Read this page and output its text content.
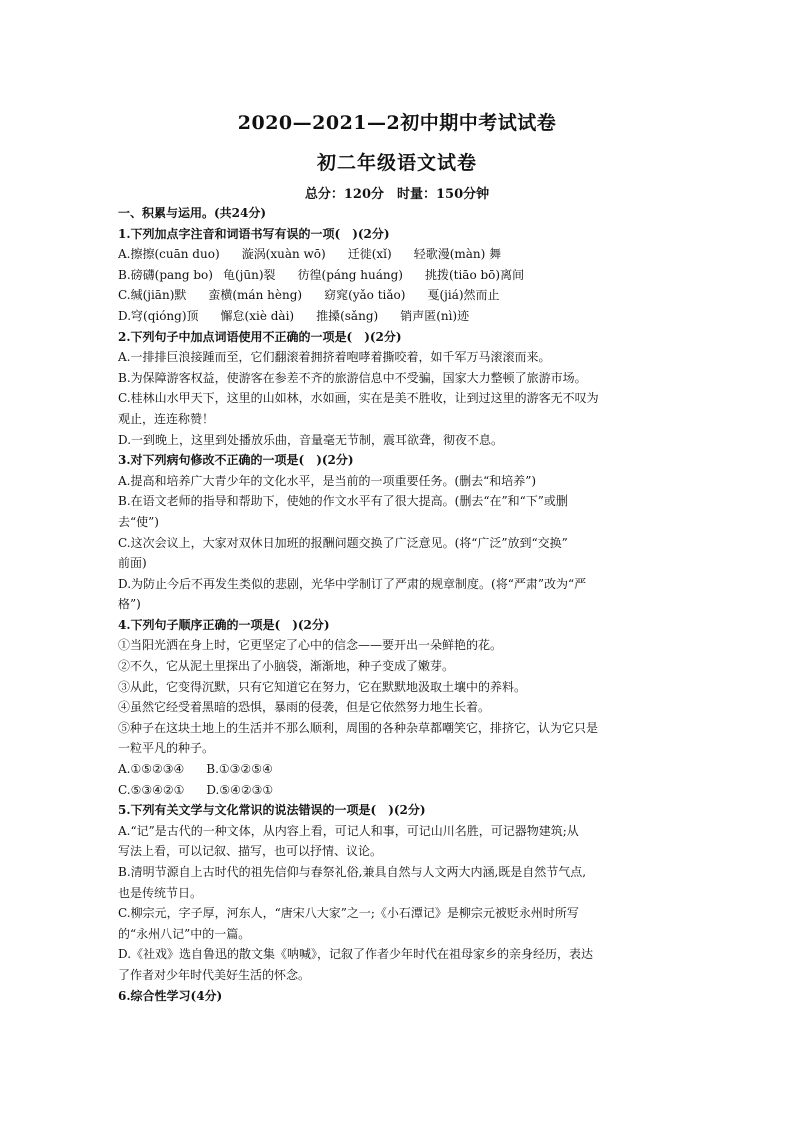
2020—2021—2初中期中考试试卷
初二年级语文试卷
总分：120分　时量：150分钟

一、积累与运用。(共24分)

1.下列加点字注音和词语书写有误的一项(　)(2分)

A.擦擦(cuān duo) 漩涡(xuàn wō) 迁徙(xǐ) 轻歌漫(màn) 舞

B.磅礴(pang bo) 龟(jūn)裂 彷徨(páng huáng) 挑拨(tiāo bō)离间

C.缄(jiān)默 蛮横(mán hèng) 窈窕(yǎo tiǎo) 戛(jiá)然而止

D.穹(qióng)顶 懈怠(xiè dài) 推搡(sǎng) 销声匿(nì)迹

2.下列句子中加点词语使用不正确的一项是(　)(2分)

A.一排排巨浪接踵而至，它们翻滚着拥挤着咆哮着撕咬着，如千军万马滚滚而来。

B.为保障游客权益，使游客在参差不齐的旅游信息中不受骗，国家大力整顿了旅游市场。

C.桂林山水甲天下，这里的山如林，水如画，实在是美不胜收，让到过这里的游客无不叹为

观止，连连称赞！

D.一到晚上，这里到处播放乐曲，音量毫无节制，震耳欲聋，彻夜不息。

3.对下列病句修改不正确的一项是(　)(2分)

A.提高和培养广大青少年的文化水平，是当前的一项重要任务。(删去“和培养”)

B.在语文老师的指导和帮助下，使她的作文水平有了很大提高。(删去“在”和“下”或删

去“使”)

C.这次会议上，大家对双休日加班的报酬问题交换了广泛意见。(将“广泛”放到“交换”

前面)

D.为防止今后不再发生类似的悲剧，光华中学制订了严肃的规章制度。(将“严肃”改为“严

格”)

4.下列句子顺序正确的一项是(　)(2分)

①当阳光洒在身上时，它更坚定了心中的信念——要开出一朵鲜艳的花。

②不久，它从泥土里探出了小脑袋，渐渐地，种子变成了嫩芽。

③从此，它变得沉默，只有它知道它在努力，它在默默地汲取土壤中的养料。

④虽然它经受着黑暗的恐惧，暴雨的侵袭，但是它依然努力地生长着。

⑤种子在这块土地上的生活并不那么顺利，周围的各种杂草都嘲笑它，排挤它，认为它只是

一粒平凡的种子。

A.①⑤②③④ B.①③②⑤④

C.⑤③④②① D.⑤④②③①

5.下列有关文学与文化常识的说法错误的一项是(　)(2分)

A.“记”是古代的一种文体，从内容上看，可记人和事，可记山川名胜，可记器物建筑;从

写法上看，可以记叙、描写，也可以抒情、议论。

B.清明节源自上古时代的祖先信仰与春祭礼俗,兼具自然与人文两大内涵,既是自然节气点,

也是传统节日。

C.柳宗元，字子厚，河东人，“唐宋八大家”之一;《小石潭记》是柳宗元被贬永州时所写

的“永州八记”中的一篇。

D.《社戏》选自鲁迅的散文集《呐喊》，记叙了作者少年时代在祖母家乡的亲身经历，表达

了作者对少年时代美好生活的怀念。

6.综合性学习(4分)
